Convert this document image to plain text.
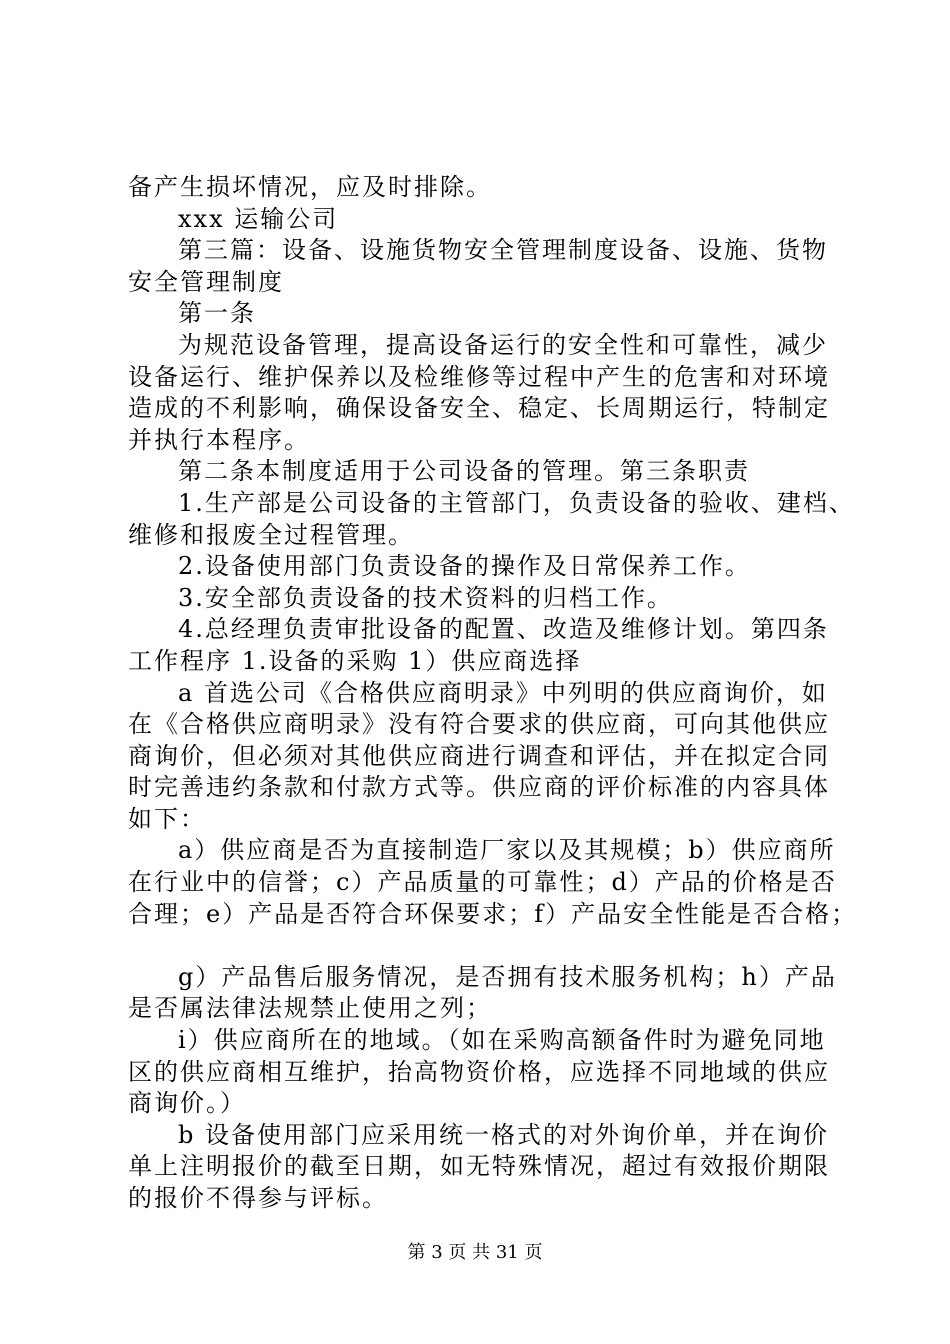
备产生损坏情况，应及时排除。
xxx 运输公司
第三篇：设备、设施货物安全管理制度设备、设施、货物
安全管理制度
第一条
为规范设备管理，提高设备运行的安全性和可靠性，减少
设备运行、维护保养以及检维修等过程中产生的危害和对环境
造成的不利影响，确保设备安全、稳定、长周期运行，特制定
并执行本程序。
第二条本制度适用于公司设备的管理。第三条职责
1.生产部是公司设备的主管部门，负责设备的验收、建档、
维修和报废全过程管理。
2.设备使用部门负责设备的操作及日常保养工作。
3.安全部负责设备的技术资料的归档工作。
4.总经理负责审批设备的配置、改造及维修计划。第四条
工作程序 1.设备的采购 1）供应商选择
a 首选公司《合格供应商明录》中列明的供应商询价，如
在《合格供应商明录》没有符合要求的供应商，可向其他供应
商询价，但必须对其他供应商进行调查和评估，并在拟定合同
时完善违约条款和付款方式等。供应商的评价标准的内容具体
如下：
a）供应商是否为直接制造厂家以及其规模；b）供应商所
在行业中的信誉；c）产品质量的可靠性；d）产品的价格是否
合理；e）产品是否符合环保要求；f）产品安全性能是否合格；
g）产品售后服务情况，是否拥有技术服务机构；h）产品
是否属法律法规禁止使用之列；
i）供应商所在的地域。（如在采购高额备件时为避免同地
区的供应商相互维护，抬高物资价格，应选择不同地域的供应
商询价。）
b 设备使用部门应采用统一格式的对外询价单，并在询价
单上注明报价的截至日期，如无特殊情况，超过有效报价期限
的报价不得参与评标。
第 3 页 共 31 页
